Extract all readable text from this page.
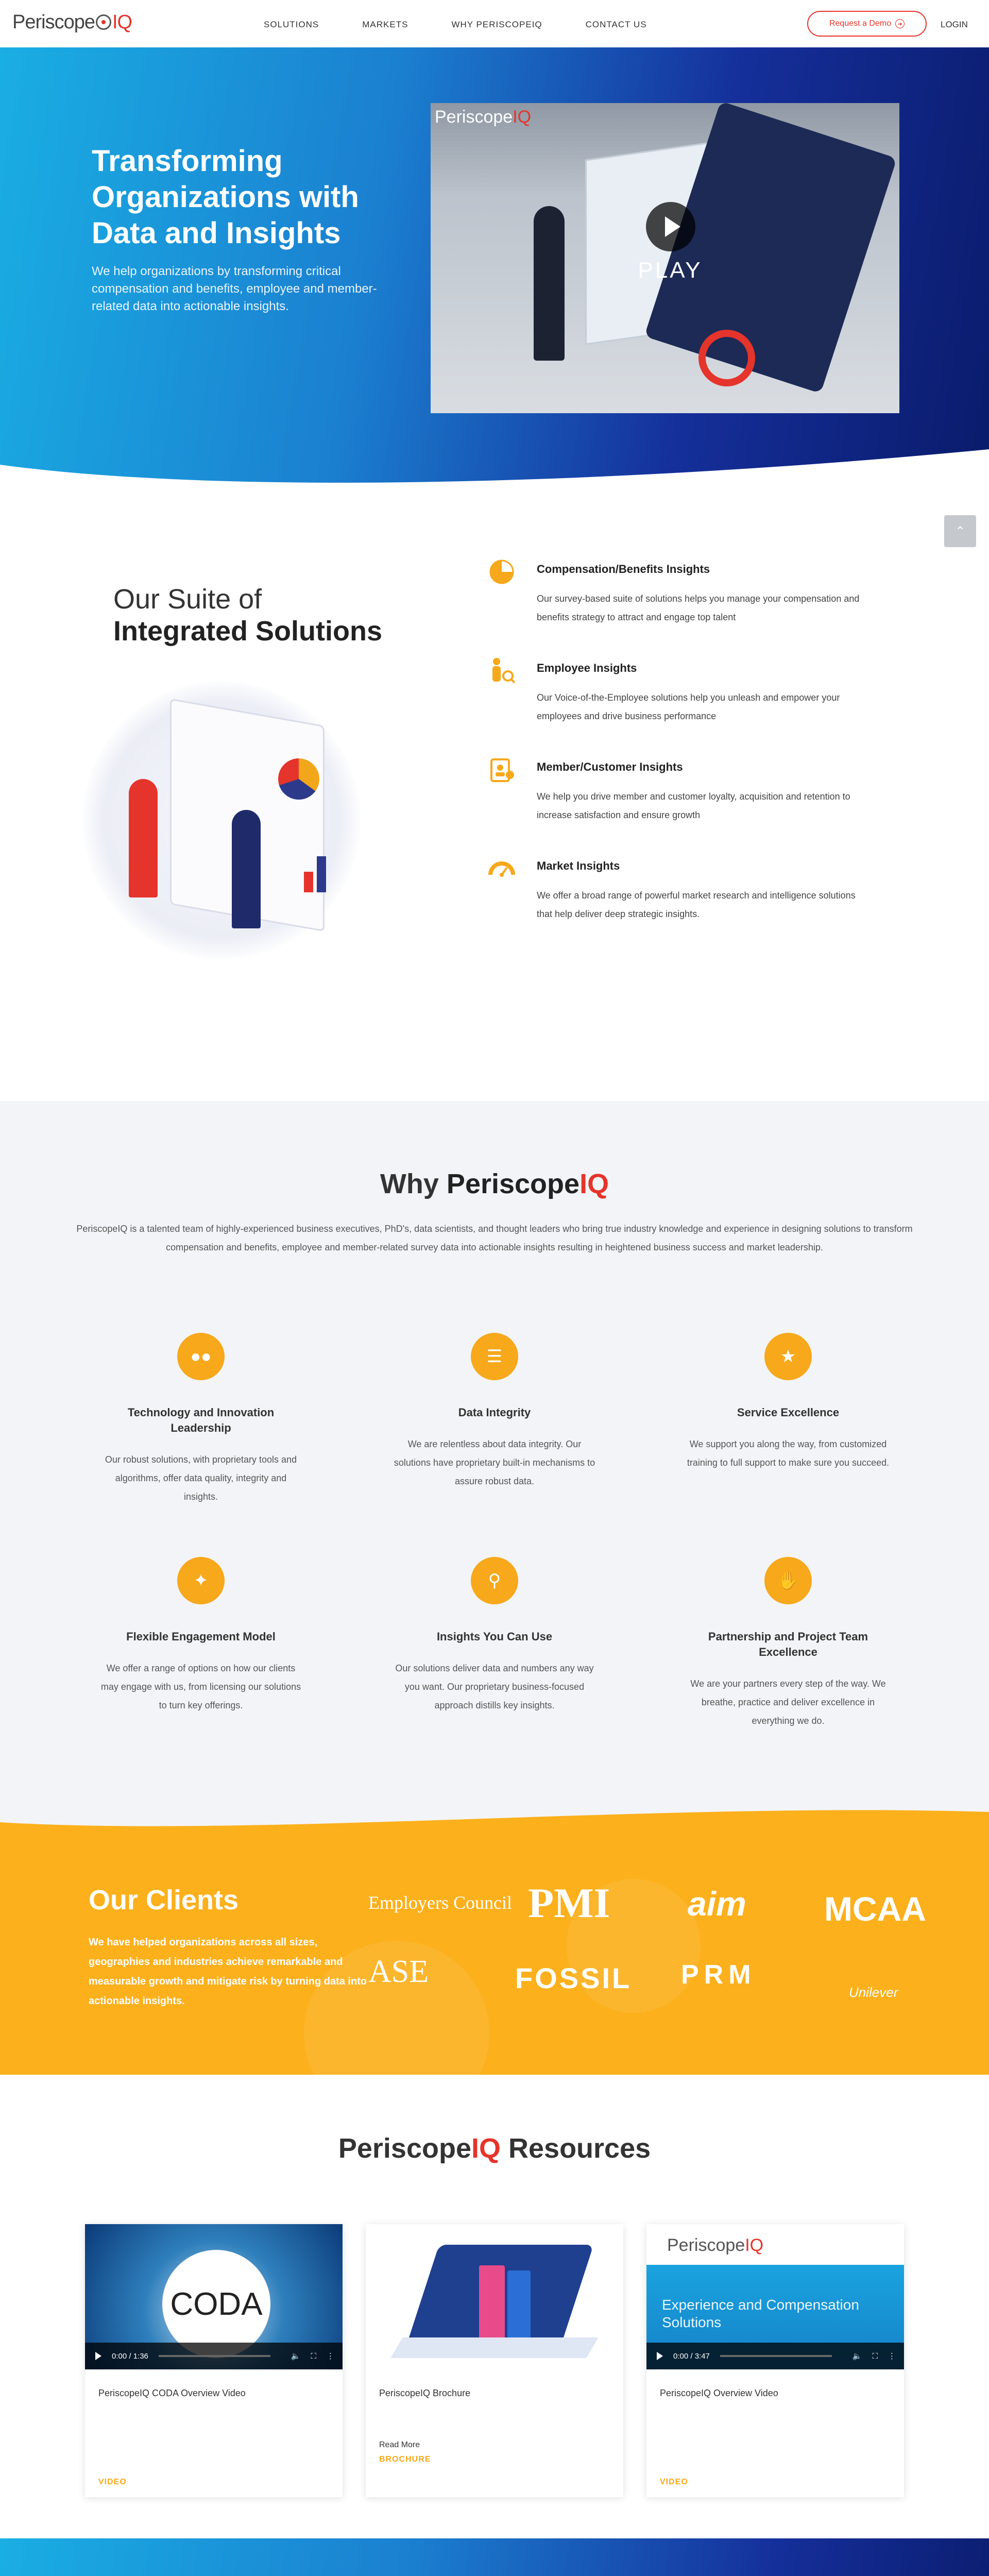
Periscope IQ	SOLUTIONS	MARKETS	WHY PERISCOPEIQ	CONTACT US	Request a Demo	➜	LOGIN
Transforming Organizations with Data and Insights

We help organizations by transforming critical compensation and benefits, employee and member-related data into actionable insights.

PeriscopeIQ
PLAY
⌃
Our Suite of
Integrated Solutions
Compensation/Benefits Insights

Our survey-based suite of solutions helps you manage your compensation and benefits strategy to attract and engage top talent

Employee Insights

Our Voice-of-the-Employee solutions help you unleash and empower your employees and drive business performance

Member/Customer Insights

We help you drive member and customer loyalty, acquisition and retention to increase satisfaction and ensure growth

Market Insights

We offer a broad range of powerful market research and intelligence solutions that help deliver deep strategic insights.

Why PeriscopeIQ

PeriscopeIQ is a talented team of highly-experienced business executives, PhD's, data scientists, and thought leaders who bring true industry knowledge and experience in designing solutions to transform compensation and benefits, employee and member-related survey data into actionable insights resulting in heightened business success and market leadership.

●●
Technology and Innovation Leadership

Our robust solutions, with proprietary tools and algorithms, offer data quality, integrity and insights.

☰
Data Integrity

We are relentless about data integrity. Our solutions have proprietary built-in mechanisms to assure robust data.

★
Service Excellence

We support you along the way, from customized training to full support to make sure you succeed.

✦
Flexible Engagement Model

We offer a range of options on how our clients may engage with us, from licensing our solutions to turn key offerings.

⚲
Insights You Can Use

Our solutions deliver data and numbers any way you want. Our proprietary business-focused approach distills key insights.

✋
Partnership and Project Team Excellence

We are your partners every step of the way. We breathe, practice and deliver excellence in everything we do.

Our Clients

We have helped organizations across all sizes, geographies and industries achieve remarkable and measurable growth and mitigate risk by turning data into actionable insights.

Employers Council PMI aim MCAA
ASE	FOSSIL PRM
Unilever
PeriscopeIQ Resources
CODA
0:00 / 1:36	🔈 ⛶ ⋮
PeriscopeIQ CODA Overview Video
VIDEO
PeriscopeIQ Brochure
Read More
BROCHURE
PeriscopeIQ
Experience and Compensation Solutions
0:00 / 3:47	🔈 ⛶ ⋮
PeriscopeIQ Overview Video
VIDEO
